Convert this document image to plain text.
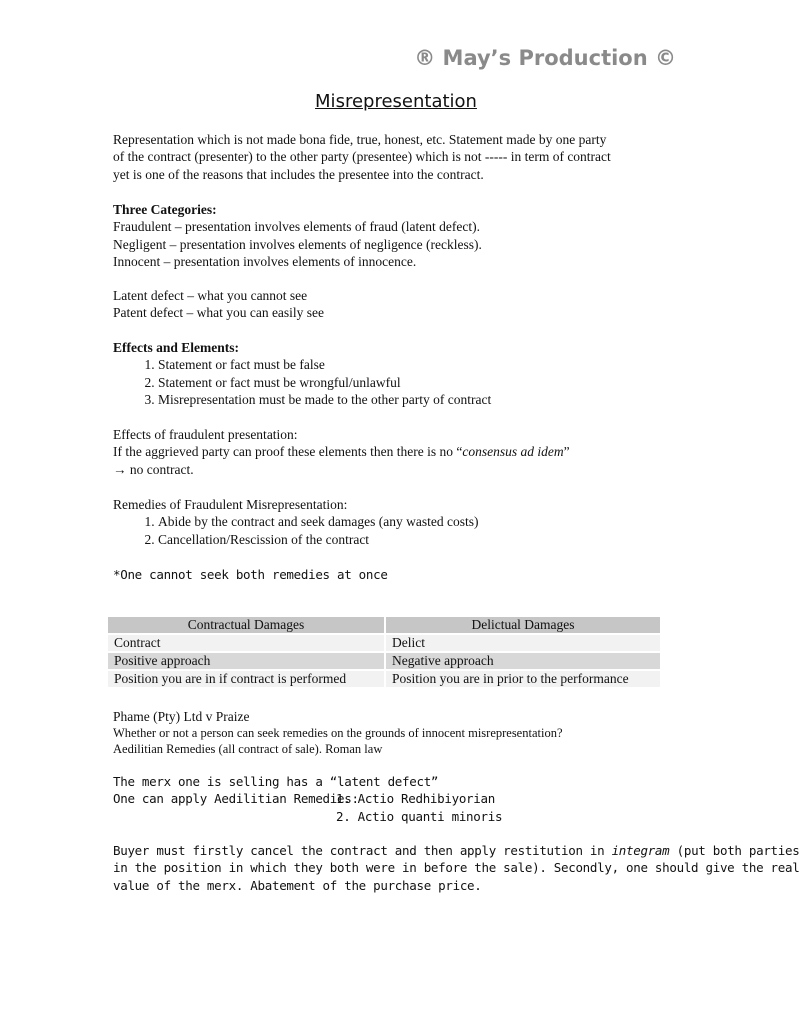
® May’s Production ©
Misrepresentation
Representation which is not made bona fide, true, honest, etc. Statement made by one party
of the contract (presenter) to the other party (presentee) which is not ----- in term of contract
yet is one of the reasons that includes the presentee into the contract.
Three Categories:
Fraudulent – presentation involves elements of fraud (latent defect).
Negligent – presentation involves elements of negligence (reckless).
Innocent – presentation involves elements of innocence.
Latent defect – what you cannot see
Patent defect – what you can easily see
Effects and Elements:
1. Statement or fact must be false
2. Statement or fact must be wrongful/unlawful
3. Misrepresentation must be made to the other party of contract
Effects of fraudulent presentation:
If the aggrieved party can proof these elements then there is no “consensus ad idem”
→ no contract.
Remedies of Fraudulent Misrepresentation:
1. Abide by the contract and seek damages (any wasted costs)
2. Cancellation/Rescission of the contract
*One cannot seek both remedies at once
Contractual Damages	Delictual Damages
Contract	Delict
Positive approach	Negative approach
Position you are in if contract is performed	Position you are in prior to the performance
Phame (Pty) Ltd v Praize
Whether or not a person can seek remedies on the grounds of innocent misrepresentation?
Aedilitian Remedies (all contract of sale). Roman law
The merx one is selling has a “latent defect”
One can apply Aedilitian Remedies:1. Actio Redhibiyorian
2. Actio quanti minoris
Buyer must firstly cancel the contract and then apply restitution in integram (put both parties
in the position in which they both were in before the sale). Secondly, one should give the real
value of the merx. Abatement of the purchase price.
